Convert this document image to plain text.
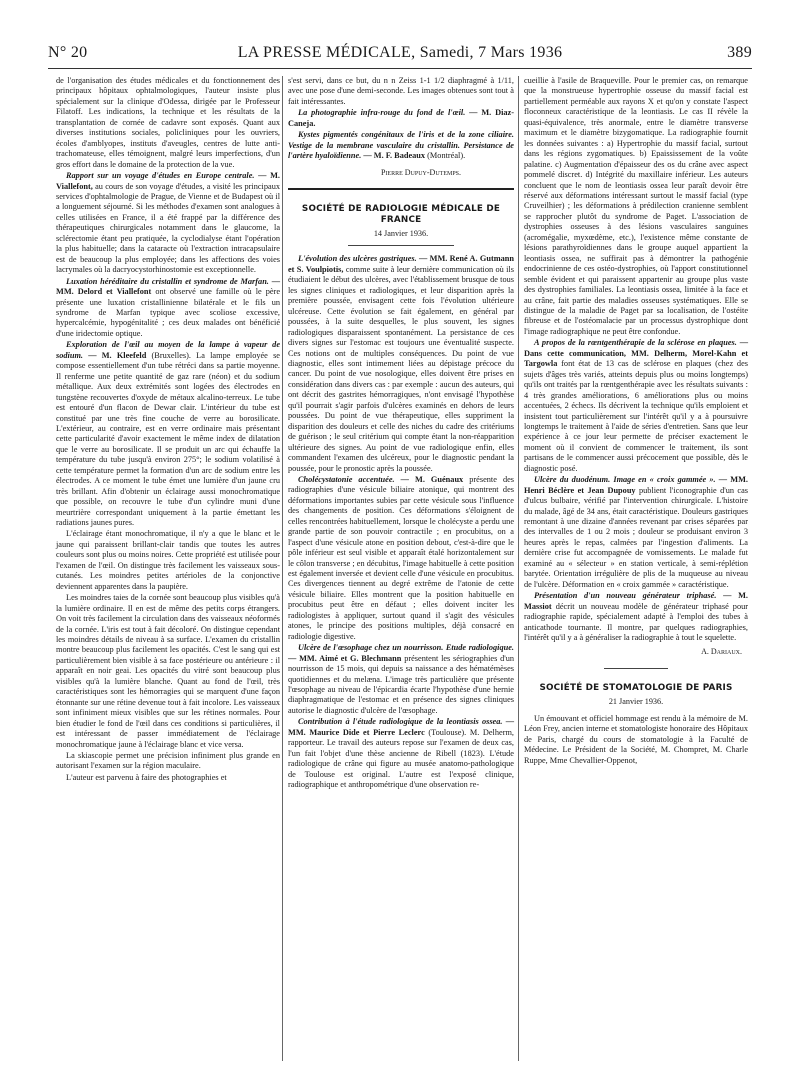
N° 20	LA PRESSE MÉDICALE, Samedi, 7 Mars 1936	389

de l'organisation des études médicales et du fonctionnement des principaux hôpitaux ophtalmologiques, l'auteur insiste plus spécialement sur la clinique d'Odessa, dirigée par le Professeur Filatoff. Les indications, la technique et les résultats de la transplantation de cornée de cadavre sont exposés. Quant aux diverses institutions sociales, policliniques pour les ouvriers, écoles d'amblyopes, instituts d'aveugles, centres de lutte anti-trachomateuse, elles témoignent, malgré leurs imperfections, d'un gros effort dans le domaine de la protection de la vue.

Rapport sur un voyage d'études en Europe centrale. — M. Viallefont, au cours de son voyage d'études, a visité les principaux services d'ophtalmologie de Prague, de Vienne et de Budapest où il a longuement séjourné. Si les méthodes d'examen sont analogues à celles utilisées en France, il a été frappé par la différence des thérapeutiques chirurgicales notamment dans le glaucome, la sclérectomie étant peu pratiquée, la cyclodialyse étant l'opération la plus habituelle; dans la cataracte où l'extraction intracapsulaire est de beaucoup la plus employée; dans les affections des voies lacrymales où la dacryocystorhinostomie est exceptionnelle.

Luxation héréditaire du cristallin et syndrome de Marfan. — MM. Delord et Viallefont ont observé une famille où le père présente une luxation cristallinienne bilatérale et le fils un syndrome de Marfan typique avec scoliose excessive, hypercalcémie, hypogénitalité ; ces deux malades ont bénéficié d'une iridectomie optique.

Exploration de l'œil au moyen de la lampe à vapeur de sodium. — M. Kleefeld (Bruxelles). La lampe employée se compose essentiellement d'un tube rétréci dans sa partie moyenne. Il renferme une petite quantité de gaz rare (néon) et du sodium métallique. Aux deux extrémités sont logées des électrodes en tungstène recouvertes d'oxyde de métaux alcalino-terreux. Le tube est entouré d'un flacon de Dewar clair. L'intérieur du tube est constitué par une très fine couche de verre au borosilicate. L'extérieur, au contraire, est en verre ordinaire mais présentant cette particularité d'avoir exactement le même index de dilatation que le verre au borosilicate. Il se produit un arc qui échauffe la température du tube jusqu'à environ 275°; le sodium volatilisé à cette température permet la formation d'un arc de sodium entre les électrodes. A ce moment le tube émet une lumière d'un jaune cru très brillant. Afin d'obtenir un éclairage aussi monochromatique que possible, on recouvre le tube d'un cylindre muni d'une meurtrière correspondant uniquement à la partie émettant les radiations jaunes pures.

L'éclairage étant monochromatique, il n'y a que le blanc et le jaune qui paraissent brillant-clair tandis que toutes les autres couleurs sont plus ou moins noires. Cette propriété est utilisée pour l'examen de l'œil. On distingue très facilement les vaisseaux sous-cutanés. Les moindres petites artérioles de la conjonctive deviennent apparentes dans la paupière.

Les moindres taies de la cornée sont beaucoup plus visibles qu'à la lumière ordinaire. Il en est de même des petits corps étrangers. On voit très facilement la circulation dans des vaisseaux néoformés de la cornée. L'iris est tout à fait décoloré. On distingue cependant les moindres détails de niveau à sa surface. L'examen du cristallin montre beaucoup plus facilement les opacités. C'est le sang qui est particulièrement bien visible à sa face postérieure ou antérieure : il apparaît en noir geai. Les opacités du vitré sont beaucoup plus visibles qu'à la lumière blanche. Quant au fond de l'œil, très caractéristiques sont les hémorragies qui se marquent d'une façon étonnante sur une rétine devenue tout à fait incolore. Les vaisseaux sont infiniment mieux visibles que sur les rétines normales. Pour bien étudier le fond de l'œil dans ces conditions si particulières, il est intéressant de passer immédiatement de l'éclairage monochromatique jaune à l'éclairage blanc et vice versa.

La skiascopie permet une précision infiniment plus grande en autorisant l'examen sur la région maculaire.

L'auteur est parvenu à faire des photographies et

s'est servi, dans ce but, du n n Zeiss 1-1 1/2 diaphragmé à 1/11, avec une pose d'une demi-seconde. Les images obtenues sont tout à fait intéressantes.

La photographie infra-rouge du fond de l'œil. — M. Diaz-Caneja.

Kystes pigmentés congénitaux de l'iris et de la zone ciliaire. Vestige de la membrane vasculaire du cristallin. Persistance de l'artère hyaloïdienne. — M. F. Badeaux (Montréal).

Pierre Dupuy-Dutemps.
SOCIÉTÉ DE RADIOLOGIE MÉDICALE DE FRANCE
14 Janvier 1936.

L'évolution des ulcères gastriques. — MM. René A. Gutmann et S. Voulpiotis, comme suite à leur dernière communication où ils étudiaient le début des ulcères, avec l'établissement brusque de tous les signes cliniques et radiologiques, et leur disparition après la première poussée, envisagent cette fois l'évolution ultérieure ulcéreuse. Cette évolution se fait également, en général par poussées, à la suite desquelles, le plus souvent, les signes radiologiques disparaissent spontanément. La persistance de ces divers signes sur l'estomac est toujours une éventualité suspecte. Ces notions ont de multiples conséquences. Du point de vue diagnostic, elles sont intimement liées au dépistage précoce du cancer. Du point de vue nosologique, elles doivent être prises en considération dans divers cas : par exemple : aucun des auteurs, qui ont décrit des gastrites hémorragiques, n'ont envisagé l'hypothèse qu'il pourrait s'agir parfois d'ulcères examinés en dehors de leurs poussées. Du point de vue thérapeutique, elles suppriment la disparition des douleurs et celle des niches du cadre des critériums de guérison ; le seul critérium qui compte étant la non-réapparition ultérieure des signes. Au point de vue radiologique enfin, elles commandent l'examen des ulcéreux, pour le diagnostic pendant la poussée, pour le pronostic après la poussée.

Cholécystatonie accentuée. — M. Guénaux présente des radiographies d'une vésicule biliaire atonique, qui montrent des déformations importantes subies par cette vésicule sous l'influence des changements de position. Ces déformations s'éloignent de celles rencontrées habituellement, lorsque le cholécyste a perdu une grande partie de son pouvoir contractile ; en procubitus, on a l'aspect d'une vésicule atone en position debout, c'est-à-dire que le pôle inférieur est seul visible et apparaît étalé horizontalement sur le côlon transverse ; en décubitus, l'image habituelle à cette position est également inversée et devient celle d'une vésicule en procubitus. Ces divergences tiennent au degré extrême de l'atonie de cette vésicule biliaire. Elles montrent que la position habituelle en procubitus peut être en défaut ; elles doivent inciter les radiologistes à appliquer, surtout quand il s'agit des vésicules atones, le principe des positions multiples, déjà consacré en radiologie digestive.

Ulcère de l'œsophage chez un nourrisson. Etude radiologique. — MM. Aimé et G. Blechmann présentent les sériographies d'un nourrisson de 15 mois, qui depuis sa naissance a des hématémèses quotidiennes et du melæna. L'image très particulière que présente l'œsophage au niveau de l'épicardia écarte l'hypothèse d'une hernie diaphragmatique de l'estomac et en présence des signes cliniques autorise le diagnostic d'ulcère de l'œsophage.

Contribution à l'étude radiologique de la leontiasis ossea. — MM. Maurice Dide et Pierre Leclerc (Toulouse). M. Delherm, rapporteur. Le travail des auteurs repose sur l'examen de deux cas, l'un fait l'objet d'une thèse ancienne de Ribell (1823). L'étude radiologique de crâne qui figure au musée anatomo-pathologique de Toulouse est original. L'autre est l'exposé clinique, radiographique et anthropométrique d'une observation re-

cueillie à l'asile de Braqueville. Pour le premier cas, on remarque que la monstrueuse hypertrophie osseuse du massif facial est partiellement perméable aux rayons X et qu'on y constate l'aspect floconneux caractéristique de la leontiasis. Le cas II révèle la quasi-équivalence, très anormale, entre le diamètre transverse maximum et le diamètre bizygomatique. La radiographie fournit les données suivantes : a) Hypertrophie du massif facial, surtout dans les régions zygomatiques. b) Epaississement de la voûte palatine. c) Augmentation d'épaisseur des os du crâne avec aspect pommelé discret. d) Intégrité du maxillaire inférieur. Les auteurs concluent que le nom de leontiasis ossea leur paraît devoir être réservé aux déformations intéressant surtout le massif facial (type Cruveilhier) ; les déformations à prédilection cranienne semblent se rapprocher plutôt du syndrome de Paget. L'association de dystrophies osseuses à des lésions vasculaires sanguines (acromégalie, myxœdème, etc.), l'existence même constante de lésions parathyroïdiennes dans le groupe auquel appartient la leontiasis ossea, ne suffirait pas à démontrer la pathogénie endocrinienne de ces ostéo-dystrophies, où l'apport constitutionnel semble évident et qui paraissent appartenir au groupe plus vaste des dystrophies familiales. La leontiasis ossea, limitée à la face et au crâne, fait partie des maladies osseuses systématiques. Elle se distingue de la maladie de Paget par sa localisation, de l'ostéite fibreuse et de l'ostéomalacie par un processus dystrophique dont l'image radiographique ne peut être confondue.

A propos de la rœntgenthérapie de la sclérose en plaques. — Dans cette communication, MM. Delherm, Morel-Kahn et Targowla font état de 13 cas de sclérose en plaques (chez des sujets d'âges très variés, atteints depuis plus ou moins longtemps) qu'ils ont traités par la rœntgenthérapie avec les résultats suivants : 4 très grandes améliorations, 6 améliorations plus ou moins accentuées, 2 échecs. Ils décrivent la technique qu'ils emploient et insistent tout particulièrement sur l'intérêt qu'il y a à poursuivre longtemps le traitement à l'aide de séries d'entretien. Sans que leur expérience à ce jour leur permette de préciser exactement le moment où il convient de commencer le traitement, ils sont partisans de le commencer aussi précocement que possible, dès le diagnostic posé.

Ulcère du duodénum. Image en « croix gammée ». — MM. Henri Béclère et Jean Dupouy publient l'iconographie d'un cas d'ulcus bulbaire, vérifié par l'intervention chirurgicale. L'histoire du malade, âgé de 34 ans, était caractéristique. Douleurs gastriques remontant à une dizaine d'années revenant par crises séparées par des intervalles de 1 ou 2 mois ; douleur se produisant environ 3 heures après le repas, calmées par l'ingestion d'aliments. La dernière crise fut accompagnée de vomissements. Le malade fut examiné au « sélecteur » en station verticale, à semi-réplétion barytée. Orientation irrégulière de plis de la muqueuse au niveau de l'ulcère. Déformation en « croix gammée » caractéristique.

Présentation d'un nouveau générateur triphasé. — M. Massiot décrit un nouveau modèle de générateur triphasé pour radiographie rapide, spécialement adapté à l'emploi des tubes à anticathode tournante. Il montre, par quelques radiographies, l'intérêt qu'il y a à généraliser la radiographie à tout le squelette.

A. Dariaux.
SOCIÉTÉ DE STOMATOLOGIE DE PARIS
21 Janvier 1936.

Un émouvant et officiel hommage est rendu à la mémoire de M. Léon Frey, ancien interne et stomatologiste honoraire des Hôpitaux de Paris, chargé du cours de stomatologie à la Faculté de Médecine. Le Président de la Société, M. Chompret, M. Charle Ruppe, Mme Chevallier-Oppenot,
